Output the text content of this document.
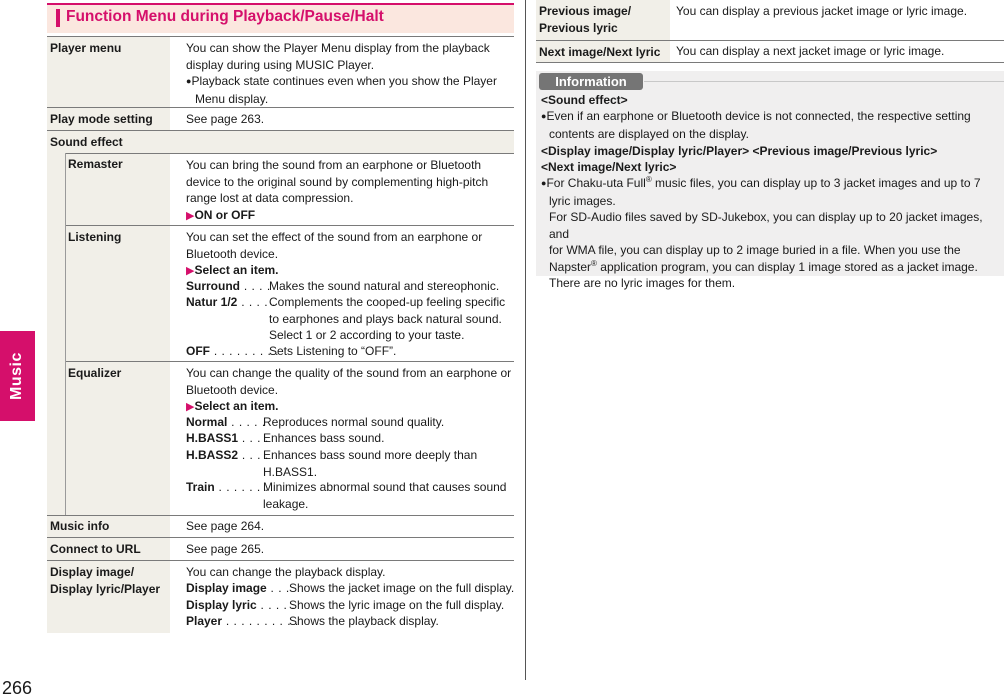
Music
266
Function Menu during Playback/Pause/Halt
Player menu
Play mode setting
Sound effect
Remaster
Listening
Equalizer
Music info
Connect to URL
Display image/
Display lyric/Player
You can show the Player Menu display from the playback
display during using MUSIC Player.
●Playback state continues even when you show the Player
Menu display.
See page 263.
You can bring the sound from an earphone or Bluetooth
device to the original sound by complementing high-pitch
range lost at data compression.
▶ON or OFF
You can set the effect of the sound from an earphone or
Bluetooth device.
▶Select an item.
Surround . . . .
Makes the sound natural and stereophonic.
Natur 1/2 . . . . .
Complements the cooped-up feeling specific
to earphones and plays back natural sound.
Select 1 or 2 according to your taste.
OFF . . . . . . . . .
Sets Listening to “OFF”.
You can change the quality of the sound from an earphone or
Bluetooth device.
▶Select an item.
Normal . . . . .
Reproduces normal sound quality.
H.BASS1 . . . .
Enhances bass sound.
H.BASS2 . . . .
Enhances bass sound more deeply than
H.BASS1.
Train . . . . . . .
Minimizes abnormal sound that causes sound
leakage.
See page 264.
See page 265.
You can change the playback display.
Display image . . . Shows the jacket image on the full display.
Display lyric . . . . .
Shows the lyric image on the full display.
Player . . . . . . . . . .
Shows the playback display.
Previous image/
Previous lyric
You can display a previous jacket image or lyric image.
Next image/Next lyric	You can display a next jacket image or lyric image.
Information
<Sound effect>
●Even if an earphone or Bluetooth device is not connected, the respective setting
contents are displayed on the display.
<Display image/Display lyric/Player> <Previous image/Previous lyric>
<Next image/Next lyric>
●For Chaku-uta Full® music files, you can display up to 3 jacket images and up to 7
lyric images.
For SD-Audio files saved by SD-Jukebox, you can display up to 20 jacket images, and
for WMA file, you can display up to 2 image buried in a file. When you use the
Napster® application program, you can display 1 image stored as a jacket image.
There are no lyric images for them.
